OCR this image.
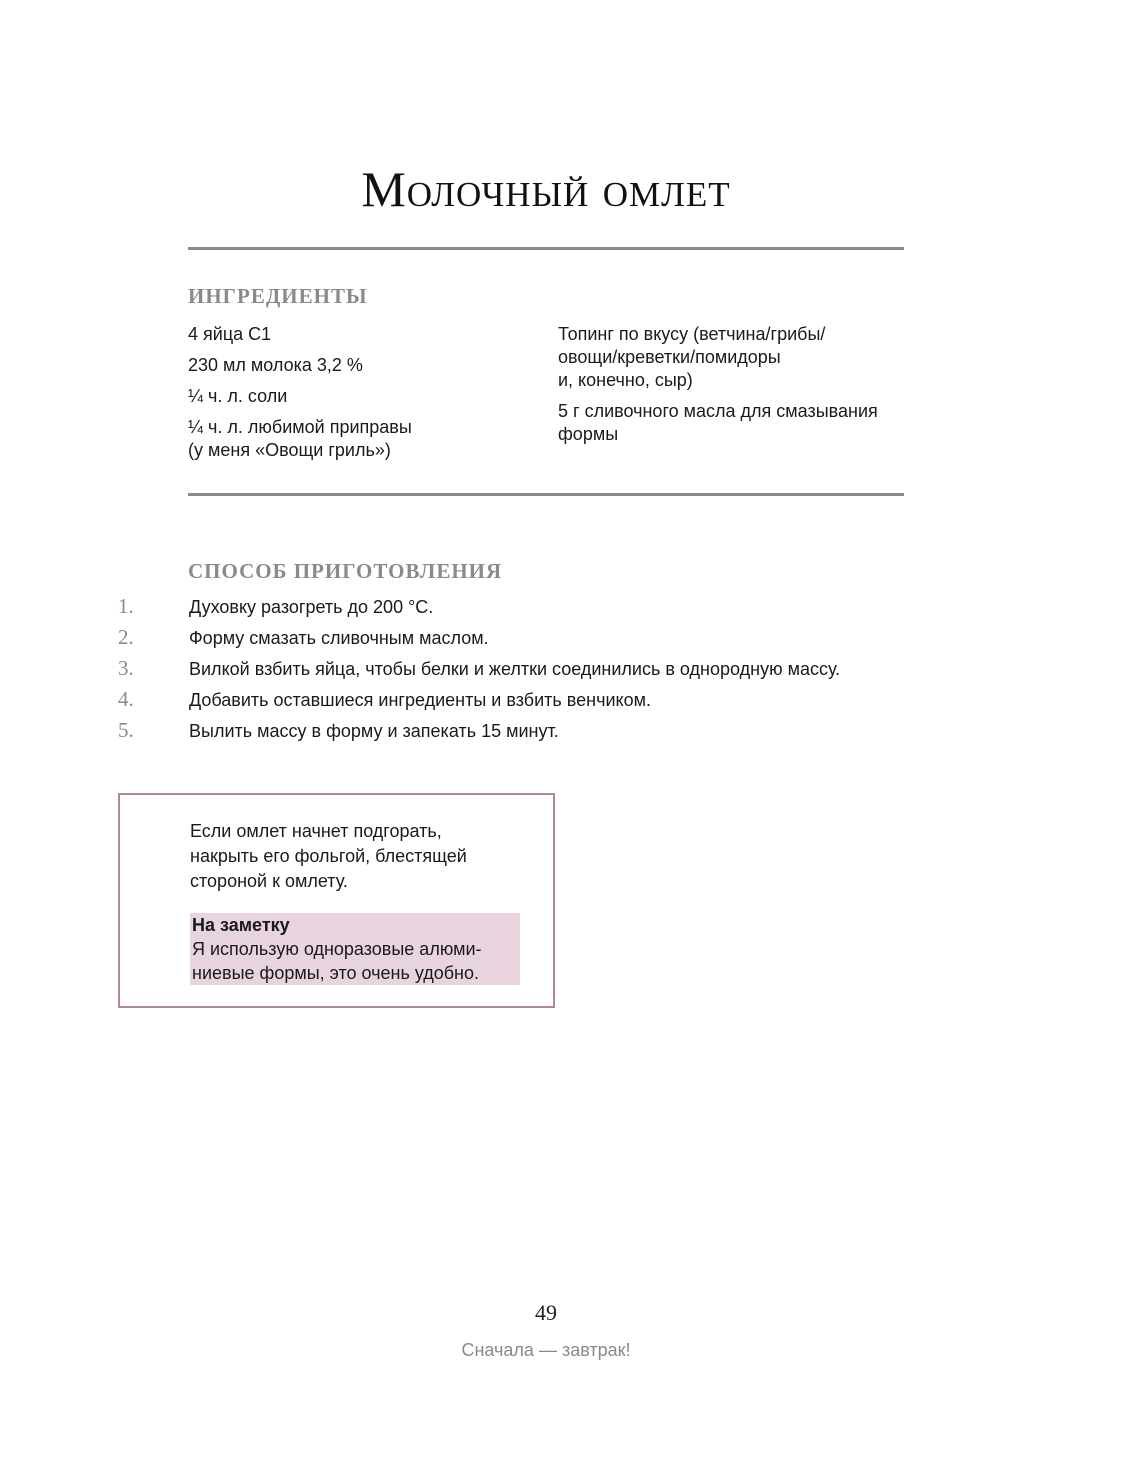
Молочный омлет
ИНГРЕДИЕНТЫ

4 яйца С1

230 мл молока 3,2 %

¼ ч. л. соли

¼ ч. л. любимой приправы
(у меня «Овощи гриль»)

Топинг по вкусу (ветчина/грибы/
овощи/креветки/помидоры
и, конечно, сыр)

5 г сливочного масла для смазывания
формы

СПОСОБ ПРИГОТОВЛЕНИЯ
1.	Духовку разогреть до 200 °C.
2.	Форму смазать сливочным маслом.
3.	Вилкой взбить яйца, чтобы белки и желтки соединились в однородную массу.
4.	Добавить оставшиеся ингредиенты и взбить венчиком.
5.	Вылить массу в форму и запекать 15 минут.

Если омлет начнет подгорать,
накрыть его фольгой, блестящей
стороной к омлету.

На заметку
Я использую одноразовые алюми-
ниевые формы, это очень удобно.
49
Сначала — завтрак!
